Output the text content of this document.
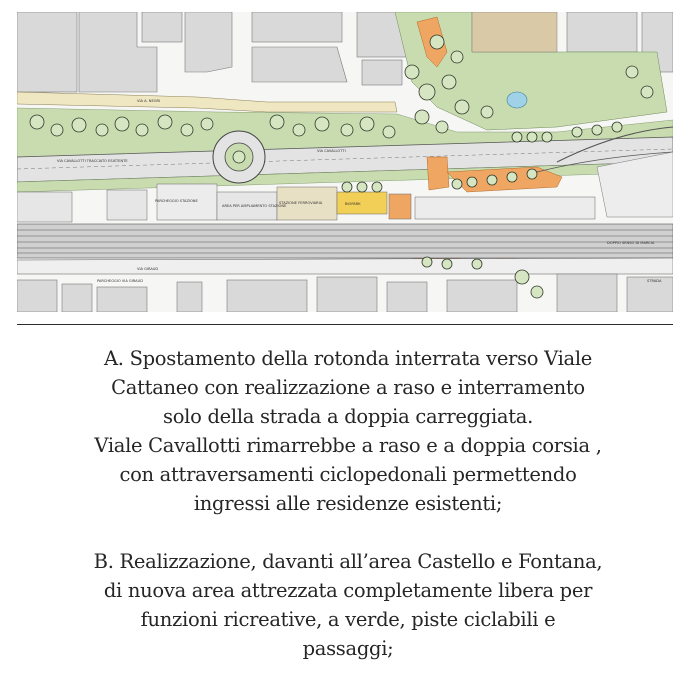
VIA A. NEGRI
VIA CAVALLOTTI TRACCIATO ESISTENTE
VIA CAVALLOTTI
PARCHEGGIO STAZIONE
AREA PER AMPLIAMENTO STAZIONE
STAZIONE FERROVIARIA	BIOPARK
VIA GIRAUD
PARCHEGGIO VIA GIRAUD
DOPPIO SENSO DI MARCIA
STRADA

A. Spostamento della rotonda interrata verso Viale

Cattaneo con realizzazione a raso e interramento

solo della strada a doppia carreggiata.

Viale Cavallotti rimarrebbe a raso e a doppia corsia ,

con attraversamenti ciclopedonali permettendo

ingressi alle residenze esistenti;

B. Realizzazione, davanti all’area Castello e Fontana,

di nuova area attrezzata completamente libera per

funzioni ricreative, a verde, piste ciclabili e

passaggi;
